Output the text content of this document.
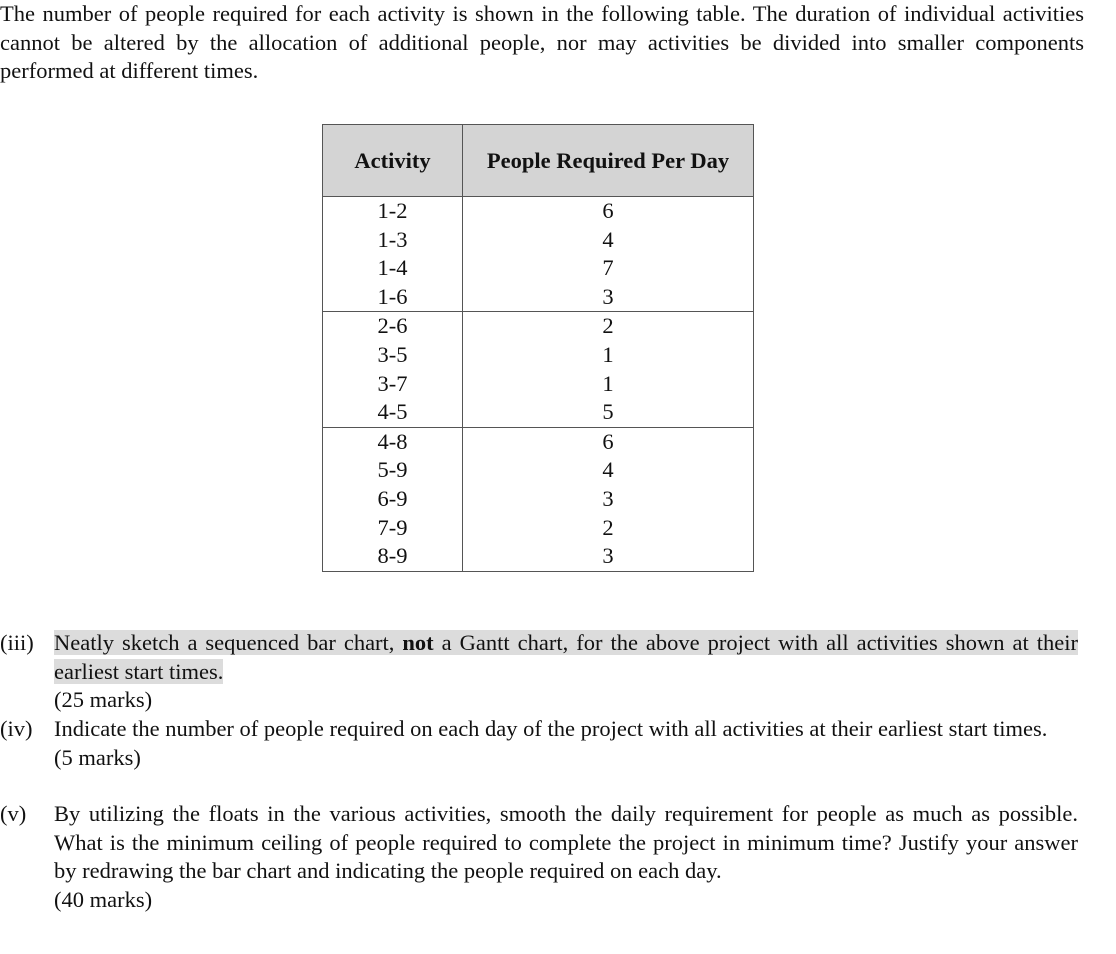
The number of people required for each activity is shown in the following table. The duration of individual activities cannot be altered by the allocation of additional people, nor may activities be divided into smaller components performed at different times.

Activity	People Required Per Day
1-2	6
1-3	4
1-4	7
1-6	3
2-6	2
3-5	1
3-7	1
4-5	5
4-8	6
5-9	4
6-9	3
7-9	2
8-9	3
(iii) Neatly sketch a sequenced bar chart, not a Gantt chart, for the above project with all activities shown at their earliest start times.
(25 marks)
(iv) Indicate the number of people required on each day of the project with all activities at their earliest start times.
(5 marks)
(v) By utilizing the floats in the various activities, smooth the daily requirement for people as much as possible. What is the minimum ceiling of people required to complete the project in minimum time? Justify your answer by redrawing the bar chart and indicating the people required on each day.
(40 marks)
